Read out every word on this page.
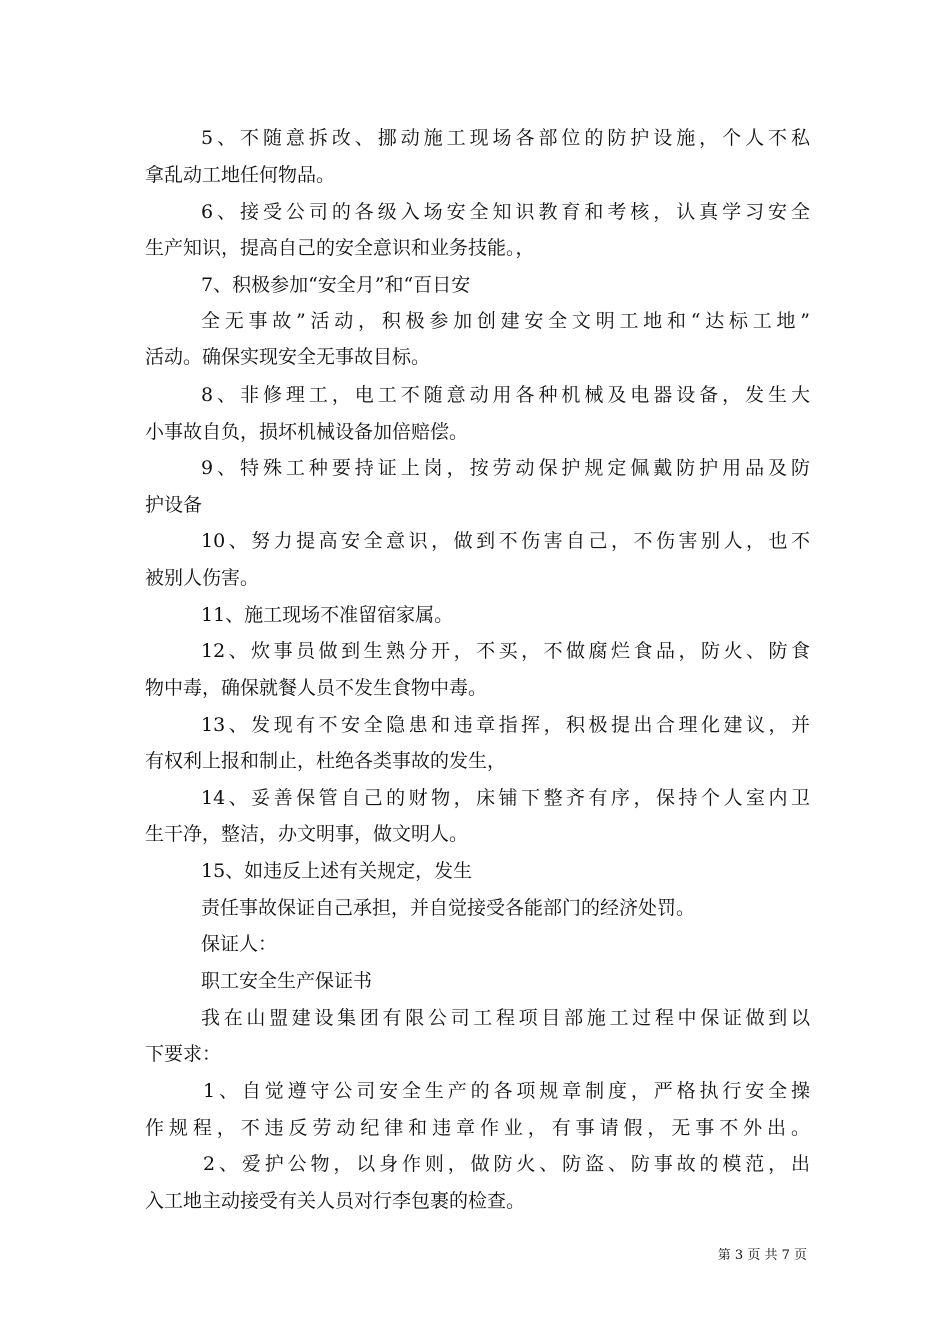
5、不随意拆改、挪动施工现场各部位的防护设施，个人不私
拿乱动工地任何物品。
6、接受公司的各级入场安全知识教育和考核，认真学习安全
生产知识，提高自己的安全意识和业务技能。，
7、积极参加“安全月”和“百日安
全无事故”活动，积极参加创建安全文明工地和“达标工地”
活动。确保实现安全无事故目标。
8、非修理工，电工不随意动用各种机械及电器设备，发生大
小事故自负，损坏机械设备加倍赔偿。
9、特殊工种要持证上岗，按劳动保护规定佩戴防护用品及防
护设备
10、努力提高安全意识，做到不伤害自己，不伤害别人，也不
被别人伤害。
11、施工现场不准留宿家属。
12、炊事员做到生熟分开，不买，不做腐烂食品，防火、防食
物中毒，确保就餐人员不发生食物中毒。
13、发现有不安全隐患和违章指挥，积极提出合理化建议，并
有权利上报和制止，杜绝各类事故的发生，
14、妥善保管自己的财物，床铺下整齐有序，保持个人室内卫
生干净，整洁，办文明事，做文明人。
15、如违反上述有关规定，发生
责任事故保证自己承担，并自觉接受各能部门的经济处罚。
保证人：
职工安全生产保证书
我在山盟建设集团有限公司工程项目部施工过程中保证做到以
下要求：
1、自觉遵守公司安全生产的各项规章制度，严格执行安全操
作规程，不违反劳动纪律和违章作业，有事请假，无事不外出。
2、爱护公物，以身作则，做防火、防盗、防事故的模范，出
入工地主动接受有关人员对行李包裹的检查。
第 3 页 共 7 页
